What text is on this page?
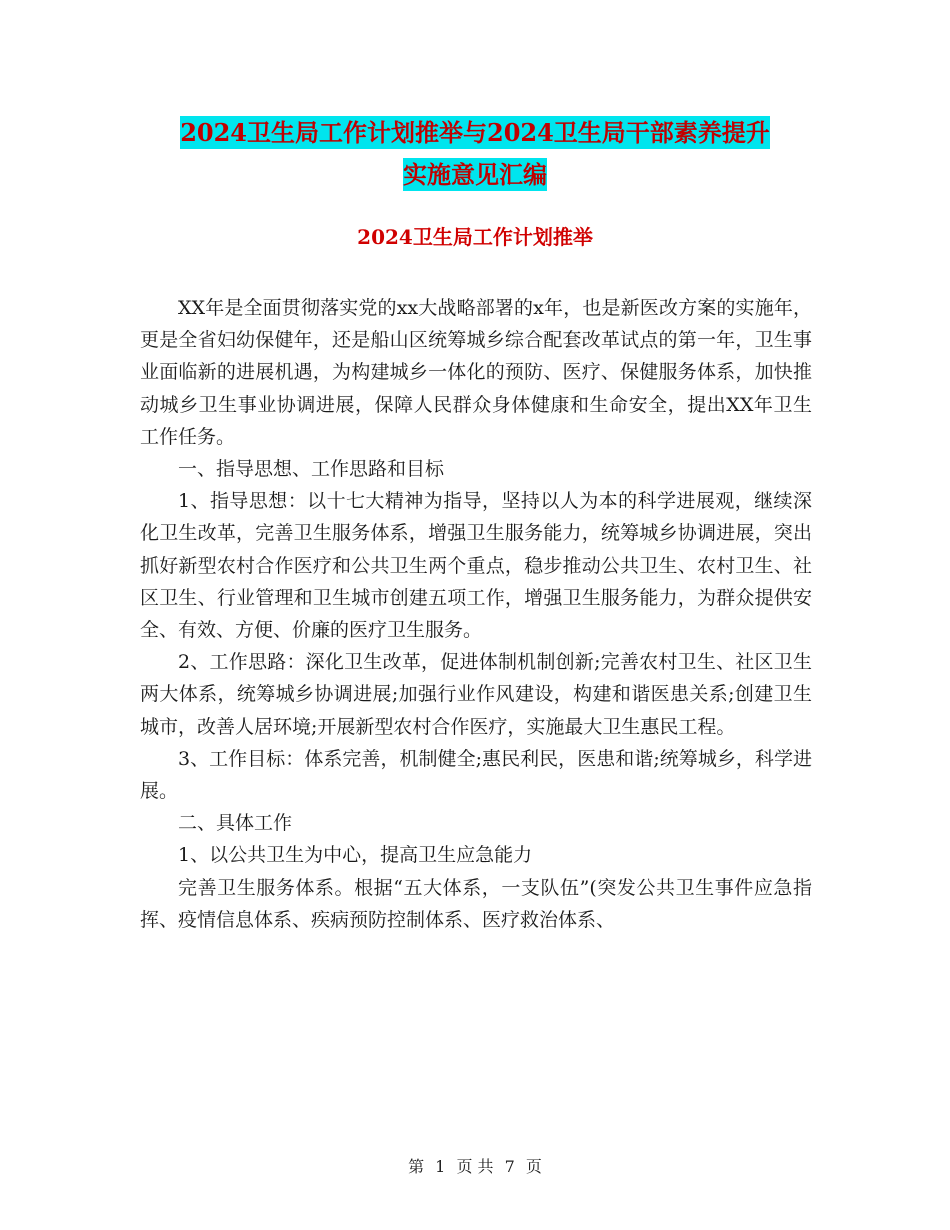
2024卫生局工作计划推举与2024卫生局干部素养提升
实施意见汇编
2024卫生局工作计划推举

XX年是全面贯彻落实党的xx大战略部署的x年，也是新医改方案的实施年，更是全省妇幼保健年，还是船山区统筹城乡综合配套改革试点的第一年，卫生事业面临新的进展机遇，为构建城乡一体化的预防、医疗、保健服务体系，加快推动城乡卫生事业协调进展，保障人民群众身体健康和生命安全，提出XX年卫生工作任务。

一、指导思想、工作思路和目标

1、指导思想：以十七大精神为指导，坚持以人为本的科学进展观，继续深化卫生改革，完善卫生服务体系，增强卫生服务能力，统筹城乡协调进展，突出抓好新型农村合作医疗和公共卫生两个重点，稳步推动公共卫生、农村卫生、社区卫生、行业管理和卫生城市创建五项工作，增强卫生服务能力，为群众提供安全、有效、方便、价廉的医疗卫生服务。

2、工作思路：深化卫生改革，促进体制机制创新;完善农村卫生、社区卫生两大体系，统筹城乡协调进展;加强行业作风建设，构建和谐医患关系;创建卫生城市，改善人居环境;开展新型农村合作医疗，实施最大卫生惠民工程。

3、工作目标：体系完善，机制健全;惠民利民，医患和谐;统筹城乡，科学进展。

二、具体工作

1、以公共卫生为中心，提高卫生应急能力

完善卫生服务体系。根据“五大体系，一支队伍”(突发公共卫生事件应急指挥、疫情信息体系、疾病预防控制体系、医疗救治体系、

第 1 页 共 7 页
